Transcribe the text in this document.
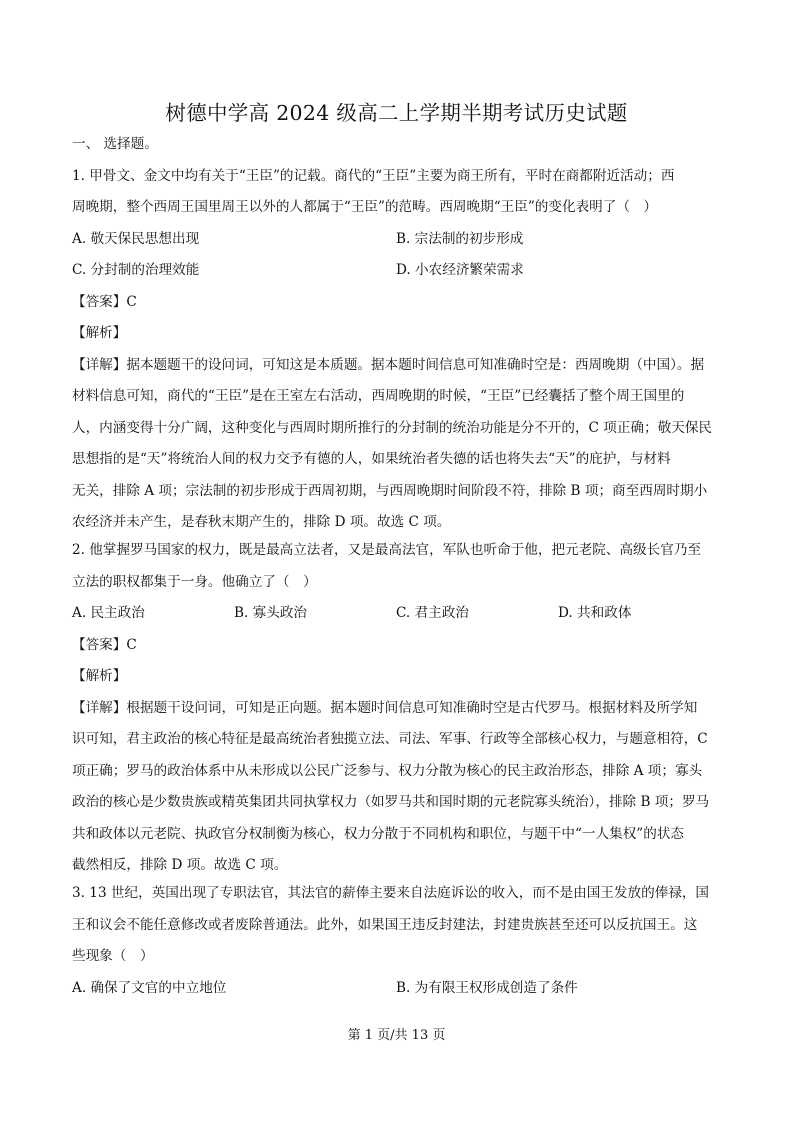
树德中学高 2024 级高二上学期半期考试历史试题

一、 选择题。

1. 甲骨文、金文中均有关于“王臣”的记载。商代的“王臣”主要为商王所有，平时在商都附近活动；西

周晚期，整个西周王国里周王以外的人都属于“王臣”的范畴。西周晚期“王臣”的变化表明了（　）

A. 敬天保民思想出现	B. 宗法制的初步形成
C. 分封制的治理效能	D. 小农经济繁荣需求

【答案】C

【解析】

【详解】据本题题干的设问词，可知这是本质题。据本题时间信息可知准确时空是：西周晚期（中国）。据

材料信息可知，商代的“王臣”是在王室左右活动，西周晚期的时候，“王臣”已经囊括了整个周王国里的

人，内涵变得十分广阔，这种变化与西周时期所推行的分封制的统治功能是分不开的，C 项正确；敬天保民

思想指的是“天”将统治人间的权力交予有德的人，如果统治者失德的话也将失去“天”的庇护，与材料

无关，排除 A 项；宗法制的初步形成于西周初期，与西周晚期时间阶段不符，排除 B 项；商至西周时期小

农经济并未产生，是春秋末期产生的，排除 D 项。故选 C 项。

2. 他掌握罗马国家的权力，既是最高立法者，又是最高法官，军队也听命于他，把元老院、高级长官乃至

立法的职权都集于一身。他确立了（　）

A. 民主政治	B. 寡头政治	C. 君主政治	D. 共和政体

【答案】C

【解析】

【详解】根据题干设问词，可知是正向题。据本题时间信息可知准确时空是古代罗马。根据材料及所学知

识可知，君主政治的核心特征是最高统治者独揽立法、司法、军事、行政等全部核心权力，与题意相符，C

项正确；罗马的政治体系中从未形成以公民广泛参与、权力分散为核心的民主政治形态，排除 A 项；寡头

政治的核心是少数贵族或精英集团共同执掌权力（如罗马共和国时期的元老院寡头统治），排除 B 项；罗马

共和政体以元老院、执政官分权制衡为核心，权力分散于不同机构和职位，与题干中“一人集权”的状态

截然相反，排除 D 项。故选 C 项。

3. 13 世纪，英国出现了专职法官，其法官的薪俸主要来自法庭诉讼的收入，而不是由国王发放的俸禄，国

王和议会不能任意修改或者废除普通法。此外，如果国王违反封建法，封建贵族甚至还可以反抗国王。这

些现象（　）

A. 确保了文官的中立地位	B. 为有限王权形成创造了条件
第 1 页/共 13 页
